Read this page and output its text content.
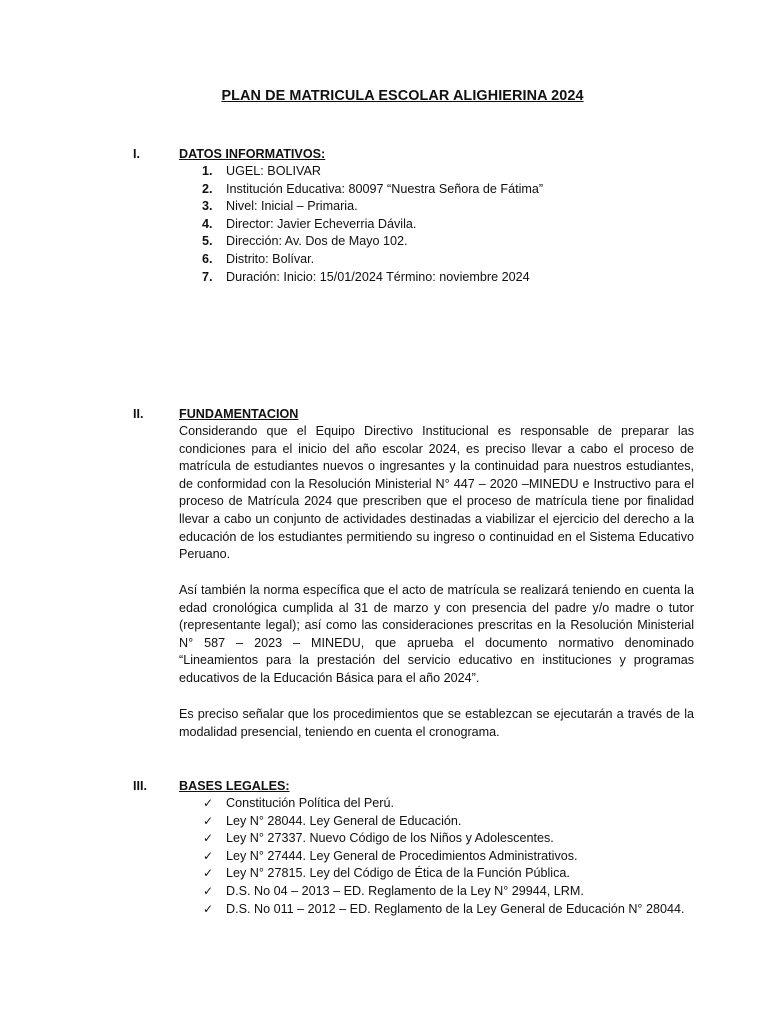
PLAN DE MATRICULA ESCOLAR ALIGHIERINA 2024
I.	DATOS INFORMATIVOS:
1. UGEL: BOLIVAR
2. Institución Educativa: 80097 “Nuestra Señora de Fátima”
3. Nivel: Inicial – Primaria.
4. Director: Javier Echeverria Dávila.
5. Dirección: Av. Dos de Mayo 102.
6. Distrito: Bolívar.
7. Duración: Inicio: 15/01/2024 Término: noviembre 2024
II.	FUNDAMENTACION

Considerando que el Equipo Directivo Institucional es responsable de preparar las condiciones para el inicio del año escolar 2024, es preciso llevar a cabo el proceso de matrícula de estudiantes nuevos o ingresantes y la continuidad para nuestros estudiantes, de conformidad con la Resolución Ministerial N° 447 – 2020 –MINEDU e Instructivo para el proceso de Matrícula 2024 que prescriben que el proceso de matrícula tiene por finalidad llevar a cabo un conjunto de actividades destinadas a viabilizar el ejercicio del derecho a la educación de los estudiantes permitiendo su ingreso o continuidad en el Sistema Educativo Peruano.

Así también la norma específica que el acto de matrícula se realizará teniendo en cuenta la edad cronológica cumplida al 31 de marzo y con presencia del padre y/o madre o tutor (representante legal); así como las consideraciones prescritas en la Resolución Ministerial N° 587 – 2023 – MINEDU, que aprueba el documento normativo denominado “Lineamientos para la prestación del servicio educativo en instituciones y programas educativos de la Educación Básica para el año 2024”.

Es preciso señalar que los procedimientos que se establezcan se ejecutarán a través de la modalidad presencial, teniendo en cuenta el cronograma.

III.	BASES LEGALES:
✓ Constitución Política del Perú.
✓ Ley N° 28044. Ley General de Educación.
✓ Ley N° 27337. Nuevo Código de los Niños y Adolescentes.
✓ Ley N° 27444. Ley General de Procedimientos Administrativos.
✓ Ley N° 27815. Ley del Código de Ética de la Función Pública.
✓ D.S. No 04 – 2013 – ED. Reglamento de la Ley N° 29944, LRM.
✓ D.S. No 011 – 2012 – ED. Reglamento de la Ley General de Educación N° 28044.
